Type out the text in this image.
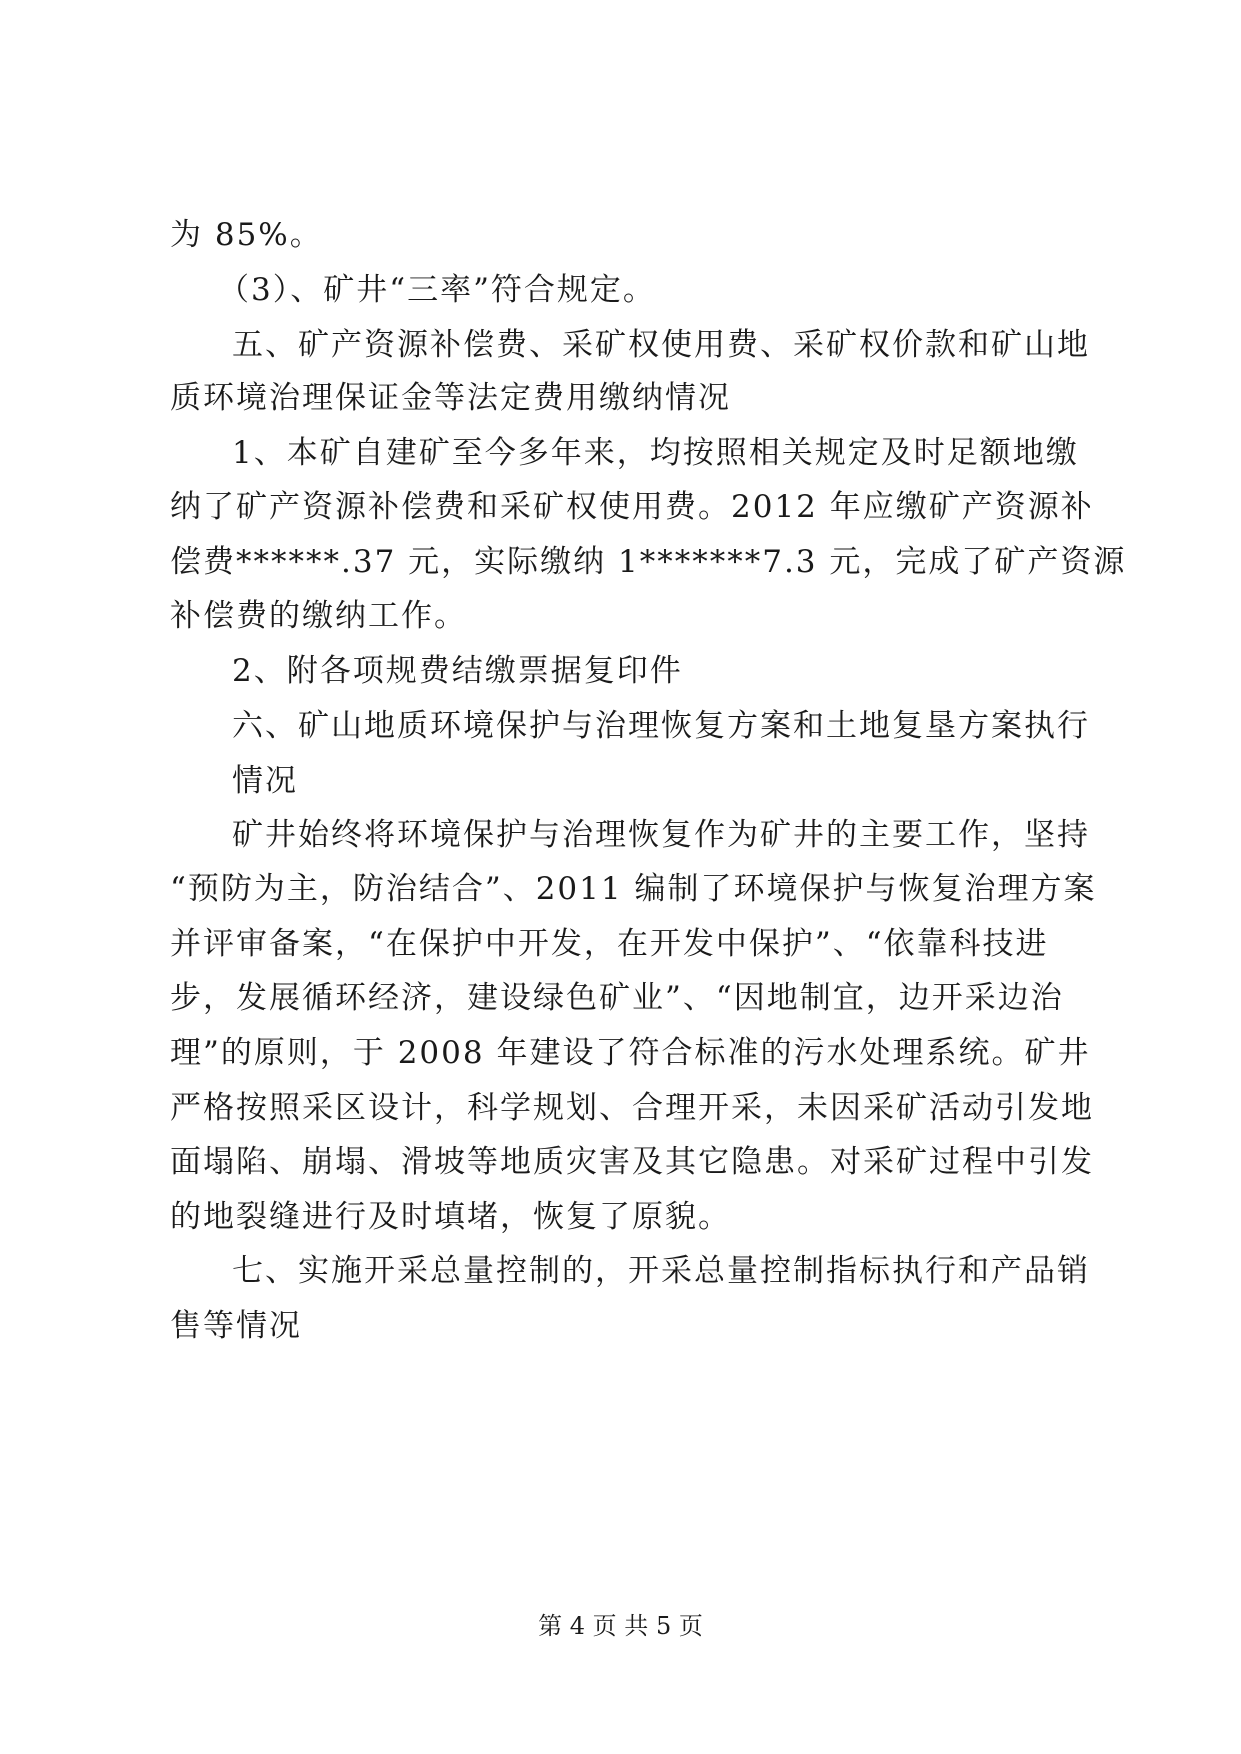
为 85%。
（3）、矿井“三率”符合规定。
五、矿产资源补偿费、采矿权使用费、采矿权价款和矿山地
质环境治理保证金等法定费用缴纳情况
1、本矿自建矿至今多年来，均按照相关规定及时足额地缴
纳了矿产资源补偿费和采矿权使用费。2012 年应缴矿产资源补
偿费******.37 元，实际缴纳 1*******7.3 元，完成了矿产资源
补偿费的缴纳工作。
2、附各项规费结缴票据复印件
六、矿山地质环境保护与治理恢复方案和土地复垦方案执行
情况
矿井始终将环境保护与治理恢复作为矿井的主要工作，坚持
“预防为主，防治结合”、2011 编制了环境保护与恢复治理方案
并评审备案，“在保护中开发，在开发中保护”、“依靠科技进
步，发展循环经济，建设绿色矿业”、“因地制宜，边开采边治
理”的原则，于 2008 年建设了符合标准的污水处理系统。矿井
严格按照采区设计，科学规划、合理开采，未因采矿活动引发地
面塌陷、崩塌、滑坡等地质灾害及其它隐患。对采矿过程中引发
的地裂缝进行及时填堵，恢复了原貌。
七、实施开采总量控制的，开采总量控制指标执行和产品销
售等情况
第 4 页 共 5 页
